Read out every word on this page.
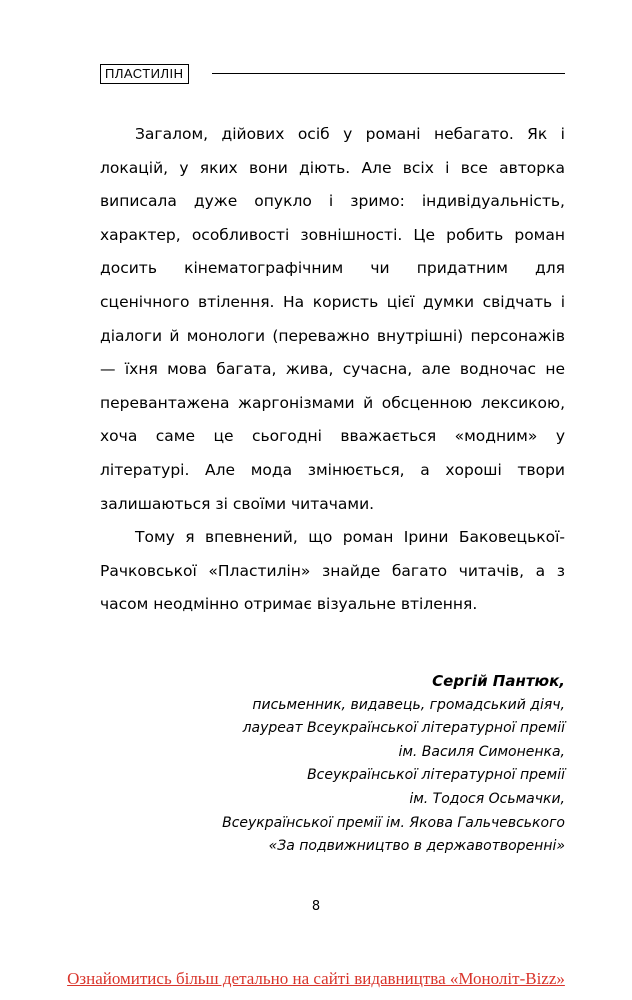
ПЛАСТИЛІН

Загалом, дійових осіб у романі небагато. Як і локацій, у яких вони діють. Але всіх і все авторка виписала дуже опукло і зримо: індивідуальність, характер, особливості зовнішності. Це робить роман досить кінематографічним чи придатним для сценічного втілення. На користь цієї думки свідчать і діалоги й монологи (переважно внутрішні) персонажів — їхня мова багата, жива, сучасна, але водночас не перевантажена жаргонізмами й обсценною лексикою, хоча саме це сьогодні вважається «модним» у літературі. Але мода змінюється, а хороші твори залишаються зі своїми читачами.

Тому я впевнений, що роман Ірини Баковецької-Рачковської «Пластилін» знайде багато читачів, а з часом неодмінно отримає візуальне втілення.

Сергій Пантюк,
письменник, видавець, громадський діяч,
лауреат Всеукраїнської літературної премії
ім. Василя Симоненка,
Всеукраїнської літературної премії
ім. Тодося Осьмачки,
Всеукраїнської премії ім. Якова Гальчевського
«За подвижництво в державотворенні»
8
Ознайомитись більш детально на сайті видавництва «Моноліт-Bizz»
